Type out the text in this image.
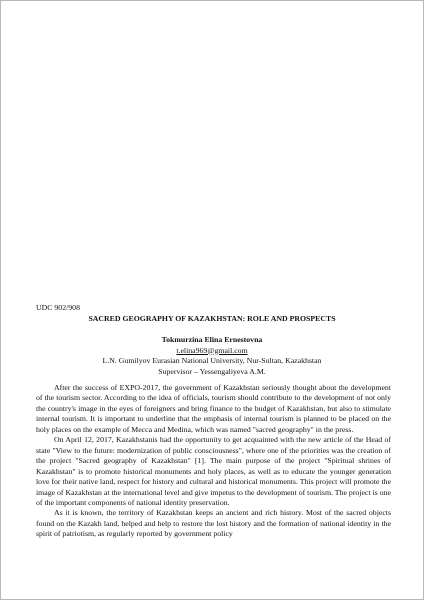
UDC 902/908
SACRED GEOGRAPHY OF KAZAKHSTAN: ROLE AND PROSPECTS
Tokmurzina Elina Ernestovna
t.elina969@gmail.com
L.N. Gumilyov Eurasian National University, Nur-Sultan, Kazakhstan
Supervisor – Yessengaliyeva A.M.

After the success of EXPO-2017, the government of Kazakhstan seriously thought about the development of the tourism sector. According to the idea of officials, tourism should contribute to the development of not only the country's image in the eyes of foreigners and bring finance to the budget of Kazakhstan, but also to stimulate internal tourism. It is important to underline that the emphasis of internal tourism is planned to be placed on the holy places on the example of Mecca and Medina, which was named "sacred geography" in the press.

On April 12, 2017, Kazakhstanis had the opportunity to get acquainted with the new article of the Head of state "View to the future: modernization of public consciousness", where one of the priorities was the creation of the project "Sacred geography of Kazakhstan" [1]. The main purpose of the project "Spiritual shrines of Kazakhstan" is to promote historical monuments and holy places, as well as to educate the younger generation love for their native land, respect for history and cultural and historical monuments. This project will promote the image of Kazakhstan at the international level and give impetus to the development of tourism. The project is one of the important components of national identity preservation.

As it is known, the territory of Kazakhstan keeps an ancient and rich history. Most of the sacred objects found on the Kazakh land, helped and help to restore the lost history and the formation of national identity in the spirit of patriotism, as regularly reported by government policy
